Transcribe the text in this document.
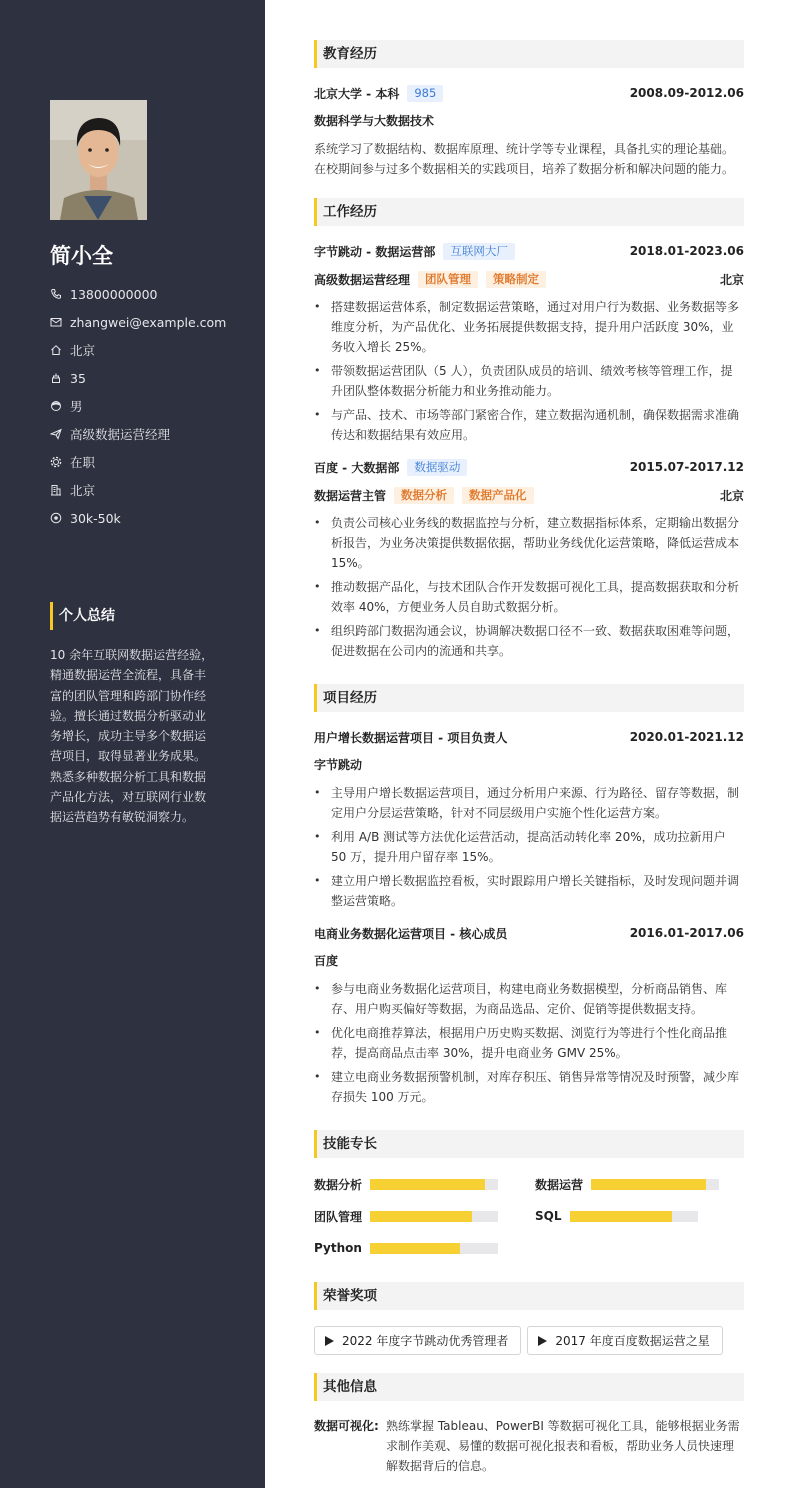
简小全
13800000000
zhangwei@example.com
北京
35
男
高级数据运营经理
在职
北京
30k-50k
个人总结
10 余年互联网数据运营经验，精通数据运营全流程，具备丰富的团队管理和跨部门协作经验。擅长通过数据分析驱动业务增长，成功主导多个数据运营项目，取得显著业务成果。熟悉多种数据分析工具和数据产品化方法，对互联网行业数据运营趋势有敏锐洞察力。
教育经历
北京大学 - 本科	985	2008.09-2012.06
数据科学与大数据技术
系统学习了数据结构、数据库原理、统计学等专业课程，具备扎实的理论基础。在校期间参与过多个数据相关的实践项目，培养了数据分析和解决问题的能力。
工作经历
字节跳动 - 数据运营部	互联网大厂	2018.01-2023.06
高级数据运营经理	团队管理	策略制定	北京
• 搭建数据运营体系，制定数据运营策略，通过对用户行为数据、业务数据等多维度分析，为产品优化、业务拓展提供数据支持，提升用户活跃度 30%，业务收入增长 25%。
• 带领数据运营团队（5 人），负责团队成员的培训、绩效考核等管理工作，提升团队整体数据分析能力和业务推动能力。
• 与产品、技术、市场等部门紧密合作，建立数据沟通机制，确保数据需求准确传达和数据结果有效应用。
百度 - 大数据部	数据驱动	2015.07-2017.12
数据运营主管	数据分析	数据产品化	北京
• 负责公司核心业务线的数据监控与分析，建立数据指标体系，定期输出数据分析报告，为业务决策提供数据依据，帮助业务线优化运营策略，降低运营成本 15%。
• 推动数据产品化，与技术团队合作开发数据可视化工具，提高数据获取和分析效率 40%，方便业务人员自助式数据分析。
• 组织跨部门数据沟通会议，协调解决数据口径不一致、数据获取困难等问题，促进数据在公司内的流通和共享。
项目经历
用户增长数据运营项目 - 项目负责人	2020.01-2021.12
字节跳动
• 主导用户增长数据运营项目，通过分析用户来源、行为路径、留存等数据，制定用户分层运营策略，针对不同层级用户实施个性化运营方案。
• 利用 A/B 测试等方法优化运营活动，提高活动转化率 20%，成功拉新用户 50 万，提升用户留存率 15%。
• 建立用户增长数据监控看板，实时跟踪用户增长关键指标，及时发现问题并调整运营策略。
电商业务数据化运营项目 - 核心成员	2016.01-2017.06
百度
• 参与电商业务数据化运营项目，构建电商业务数据模型，分析商品销售、库存、用户购买偏好等数据，为商品选品、定价、促销等提供数据支持。
• 优化电商推荐算法，根据用户历史购买数据、浏览行为等进行个性化商品推荐，提高商品点击率 30%，提升电商业务 GMV 25%。
• 建立电商业务数据预警机制，对库存积压、销售异常等情况及时预警，减少库存损失 100 万元。
技能专长
数据分析	数据运营
团队管理	SQL
Python
荣誉奖项
2022 年度字节跳动优秀管理者	2017 年度百度数据运营之星
其他信息
数据可视化: 熟练掌握 Tableau、PowerBI 等数据可视化工具，能够根据业务需求制作美观、易懂的数据可视化报表和看板，帮助业务人员快速理解数据背后的信息。
